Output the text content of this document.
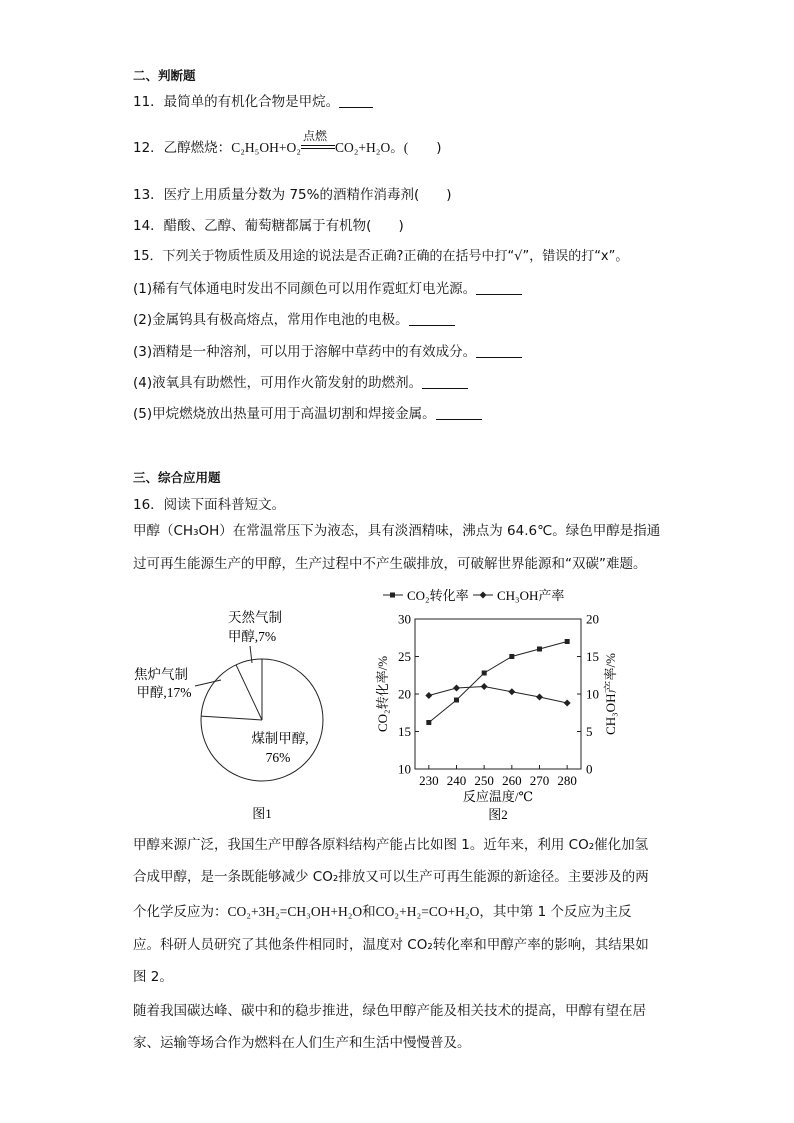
二、判断题
11．最简单的有机化合物是甲烷。
12．乙醇燃烧：C₂H₅OH+O₂
点燃
CO₂+H₂O。( )
13．医疗上用质量分数为 75%的酒精作消毒剂(　　)
14．醋酸、乙醇、葡萄糖都属于有机物(　　)
15．下列关于物质性质及用途的说法是否正确?正确的在括号中打“√”，错误的打“x”。
(1)稀有气体通电时发出不同颜色可以用作霓虹灯电光源。
(2)金属钨具有极高熔点，常用作电池的电极。
(3)酒精是一种溶剂，可以用于溶解中草药中的有效成分。
(4)液氧具有助燃性，可用作火箭发射的助燃剂。
(5)甲烷燃烧放出热量可用于高温切割和焊接金属。
三、综合应用题
16．阅读下面科普短文。
甲醇（CH₃OH）在常温常压下为液态，具有淡酒精味，沸点为 64.6℃。绿色甲醇是指通
过可再生能源生产的甲醇，生产过程中不产生碳排放，可破解世界能源和“双碳”难题。
天然气制
甲醇,7%
焦炉气制
甲醇,17%
煤制甲醇,
76%
图1
CO₂转化率 CH₃OH产率
10
15
20
25
30
0
5
10
15
20
230 240 250 260 270 280
CO₂转化率/%	CH₃OH产率/%
反应温度/℃
图2
甲醇来源广泛，我国生产甲醇各原料结构产能占比如图 1。近年来，利用 CO₂催化加氢
合成甲醇，是一条既能够减少 CO₂排放又可以生产可再生能源的新途径。主要涉及的两
个化学反应为：CO₂+3H₂=CH₃OH+H₂O和CO₂+H₂=CO+H₂O，其中第 1 个反应为主反
应。科研人员研究了其他条件相同时，温度对 CO₂转化率和甲醇产率的影响，其结果如
图 2。
随着我国碳达峰、碳中和的稳步推进，绿色甲醇产能及相关技术的提高，甲醇有望在居
家、运输等场合作为燃料在人们生产和生活中慢慢普及。
